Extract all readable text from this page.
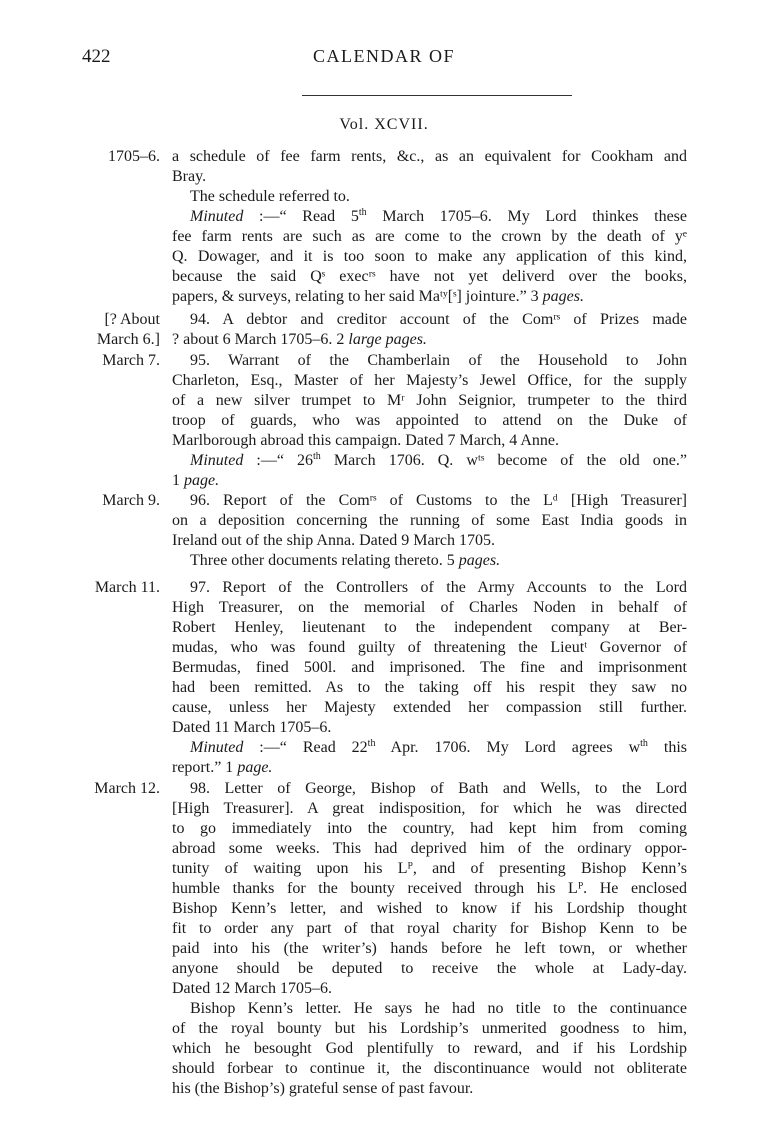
422	CALENDAR OF
Vol. XCVII.
1705–6. a schedule of fee farm rents, &c., as an equivalent for Cookham and
Bray.
The schedule referred to.
Minuted :—“ Read 5th March 1705–6. My Lord thinkes these
fee farm rents are such as are come to the crown by the death of yᵉ
Q. Dowager, and it is too soon to make any application of this kind,
because the said Qˢ execʳˢ have not yet deliverd over the books,
papers, & surveys, relating to her said Maᵗʸ[ˢ] jointure.” 3 pages.
[? About
March 6.]
94. A debtor and creditor account of the Comʳˢ of Prizes made
? about 6 March 1705–6. 2 large pages.
March 7.	95. Warrant of the Chamberlain of the Household to John
Charleton, Esq., Master of her Majesty’s Jewel Office, for the supply
of a new silver trumpet to Mʳ John Seignior, trumpeter to the third
troop of guards, who was appointed to attend on the Duke of
Marlborough abroad this campaign. Dated 7 March, 4 Anne.
Minuted :—“ 26th March 1706. Q. wᵗˢ become of the old one.”
1 page.
March 9.	96. Report of the Comʳˢ of Customs to the Lᵈ [High Treasurer]
on a deposition concerning the running of some East India goods in
Ireland out of the ship Anna. Dated 9 March 1705.
Three other documents relating thereto. 5 pages.
March 11.	97. Report of the Controllers of the Army Accounts to the Lord
High Treasurer, on the memorial of Charles Noden in behalf of
Robert Henley, lieutenant to the independent company at Ber-
mudas, who was found guilty of threatening the Lieutᵗ Governor of
Bermudas, fined 500l. and imprisoned. The fine and imprisonment
had been remitted. As to the taking off his respit they saw no
cause, unless her Majesty extended her compassion still further.
Dated 11 March 1705–6.
Minuted :—“ Read 22th Apr. 1706. My Lord agrees $w^{th}$ this
report.” 1 page.
March 12.	98. Letter of George, Bishop of Bath and Wells, to the Lord
[High Treasurer]. A great indisposition, for which he was directed
to go immediately into the country, had kept him from coming
abroad some weeks. This had deprived him of the ordinary oppor-
tunity of waiting upon his Lᴾ, and of presenting Bishop Kenn’s
humble thanks for the bounty received through his Lᴾ. He enclosed
Bishop Kenn’s letter, and wished to know if his Lordship thought
fit to order any part of that royal charity for Bishop Kenn to be
paid into his (the writer’s) hands before he left town, or whether
anyone should be deputed to receive the whole at Lady-day.
Dated 12 March 1705–6.
Bishop Kenn’s letter. He says he had no title to the continuance
of the royal bounty but his Lordship’s unmerited goodness to him,
which he besought God plentifully to reward, and if his Lordship
should forbear to continue it, the discontinuance would not obliterate
his (the Bishop’s) grateful sense of past favour.
